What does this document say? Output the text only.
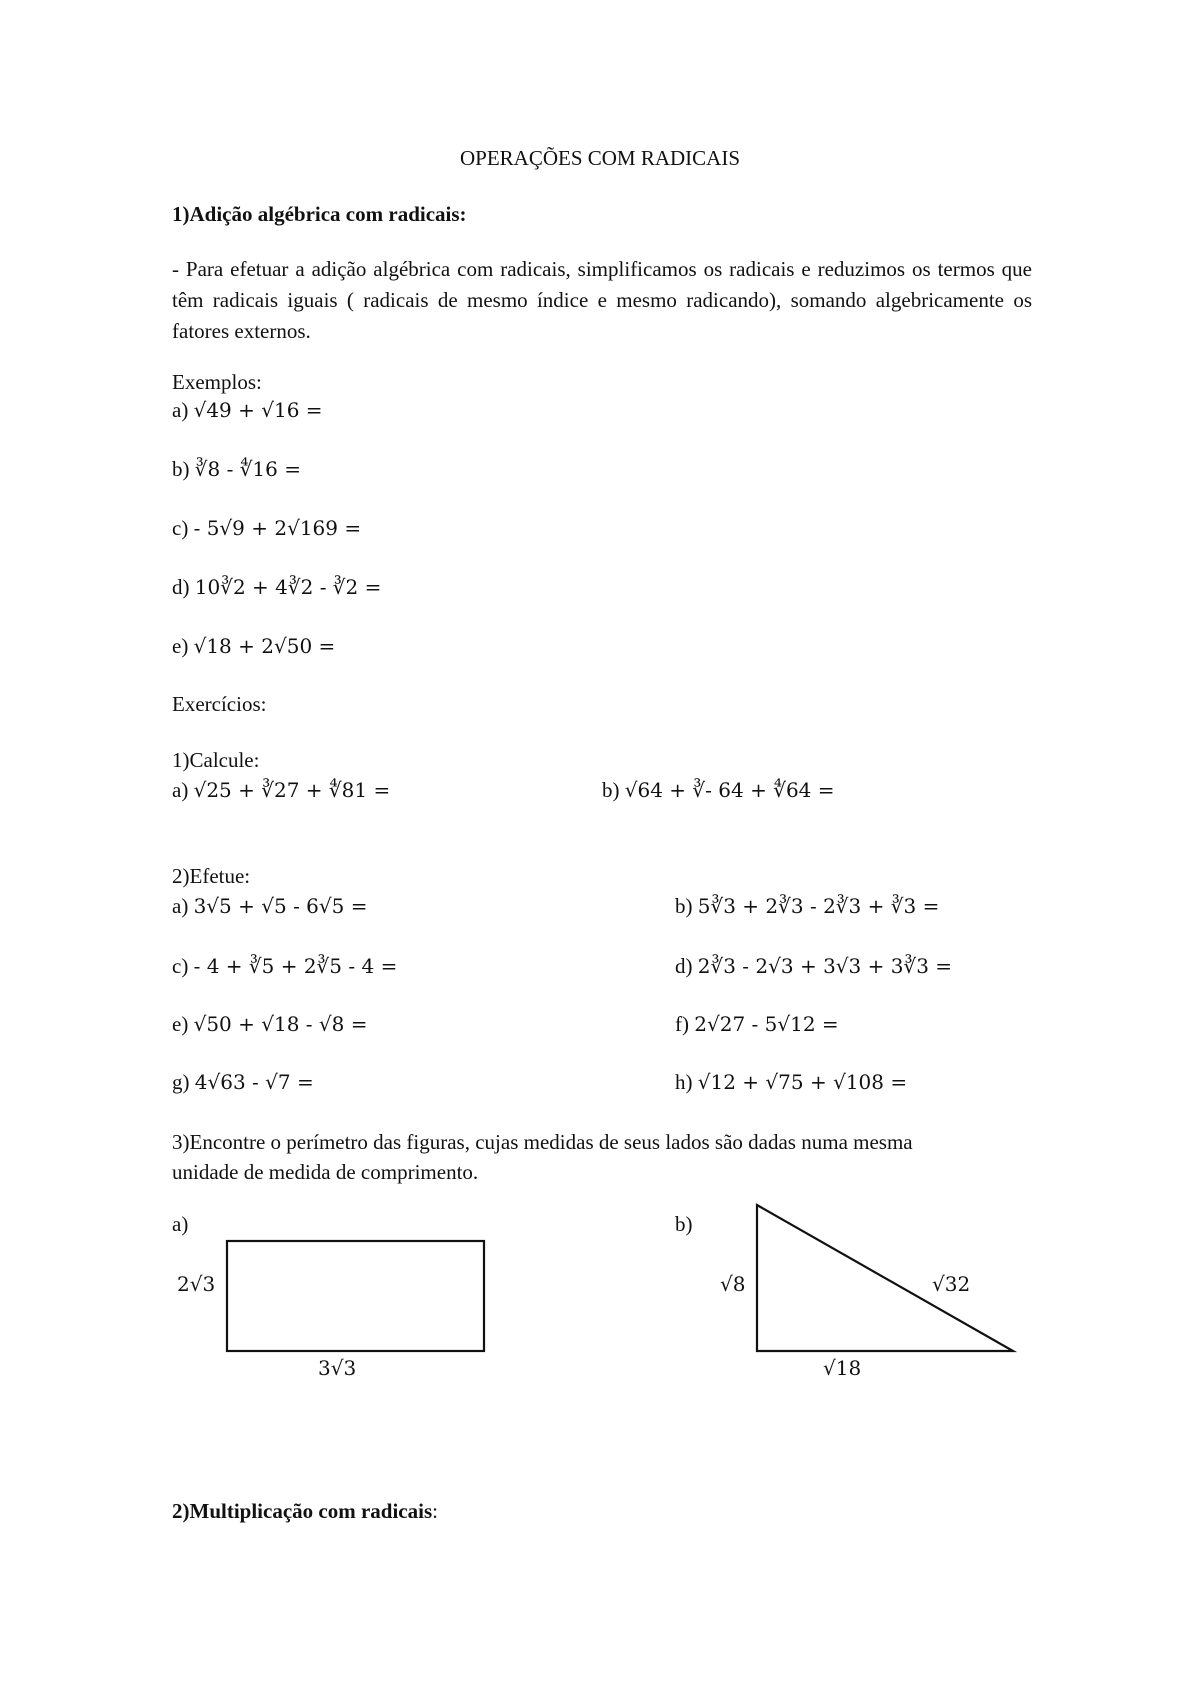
OPERAÇÕES COM RADICAIS
1)Adição algébrica com radicais:
- Para efetuar a adição algébrica com radicais, simplificamos os radicais e reduzimos os termos que têm radicais iguais ( radicais de mesmo índice e mesmo radicando), somando algebricamente os fatores externos.
Exemplos:
a) √49 + √16 =
b) ∛8 - ∜16 =
c) - 5√9 + 2√169 =
d) 10∛2 + 4∛2 - ∛2 =
e) √18 + 2√50 =
Exercícios:
1)Calcule:
a) √25 + ∛27 + ∜81 =	b) √64 + ∛- 64 + ∜64 =
2)Efetue:
a) 3√5 + √5 - 6√5 =	b) 5∛3 + 2∛3 - 2∛3 + ∛3 =
c) - 4 + ∛5 + 2∛5 - 4 =	d) 2∛3 - 2√3 + 3√3 + 3∛3 =
e) √50 + √18 - √8 =	f) 2√27 - 5√12 =
g) 4√63 - √7 =	h) √12 + √75 + √108 =
3)Encontre o perímetro das figuras, cujas medidas de seus lados são dadas numa mesma
unidade de medida de comprimento.
a)	b)
2√3
3√3
√8	√32
√18
2)Multiplicação com radicais:
